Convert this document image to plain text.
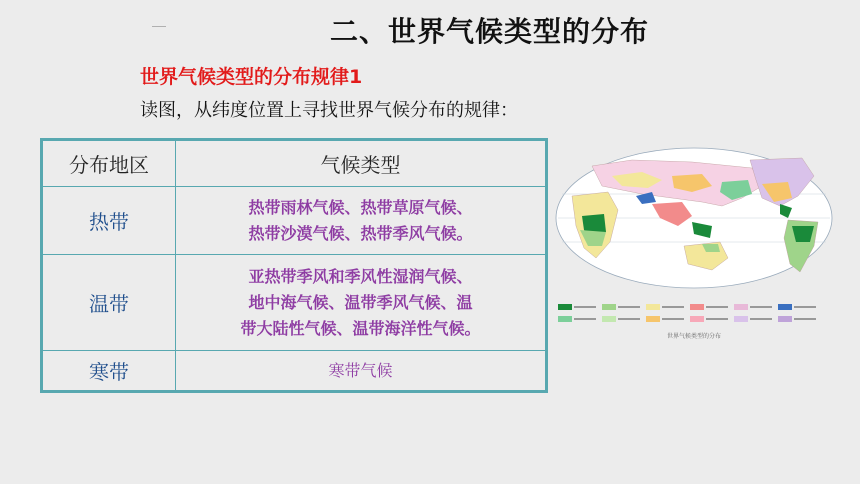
二、世界气候类型的分布
世界气候类型的分布规律1
读图，从纬度位置上寻找世界气候分布的规律：
分布地区	气候类型
热带	热带雨林气候、热带草原气候、
热带沙漠气候、热带季风气候。

温带	亚热带季风和季风性湿润气候、
地中海气候、温带季风气候、温
带大陆性气候、温带海洋性气候。

寒带	寒带气候
世界气候类型的分布
